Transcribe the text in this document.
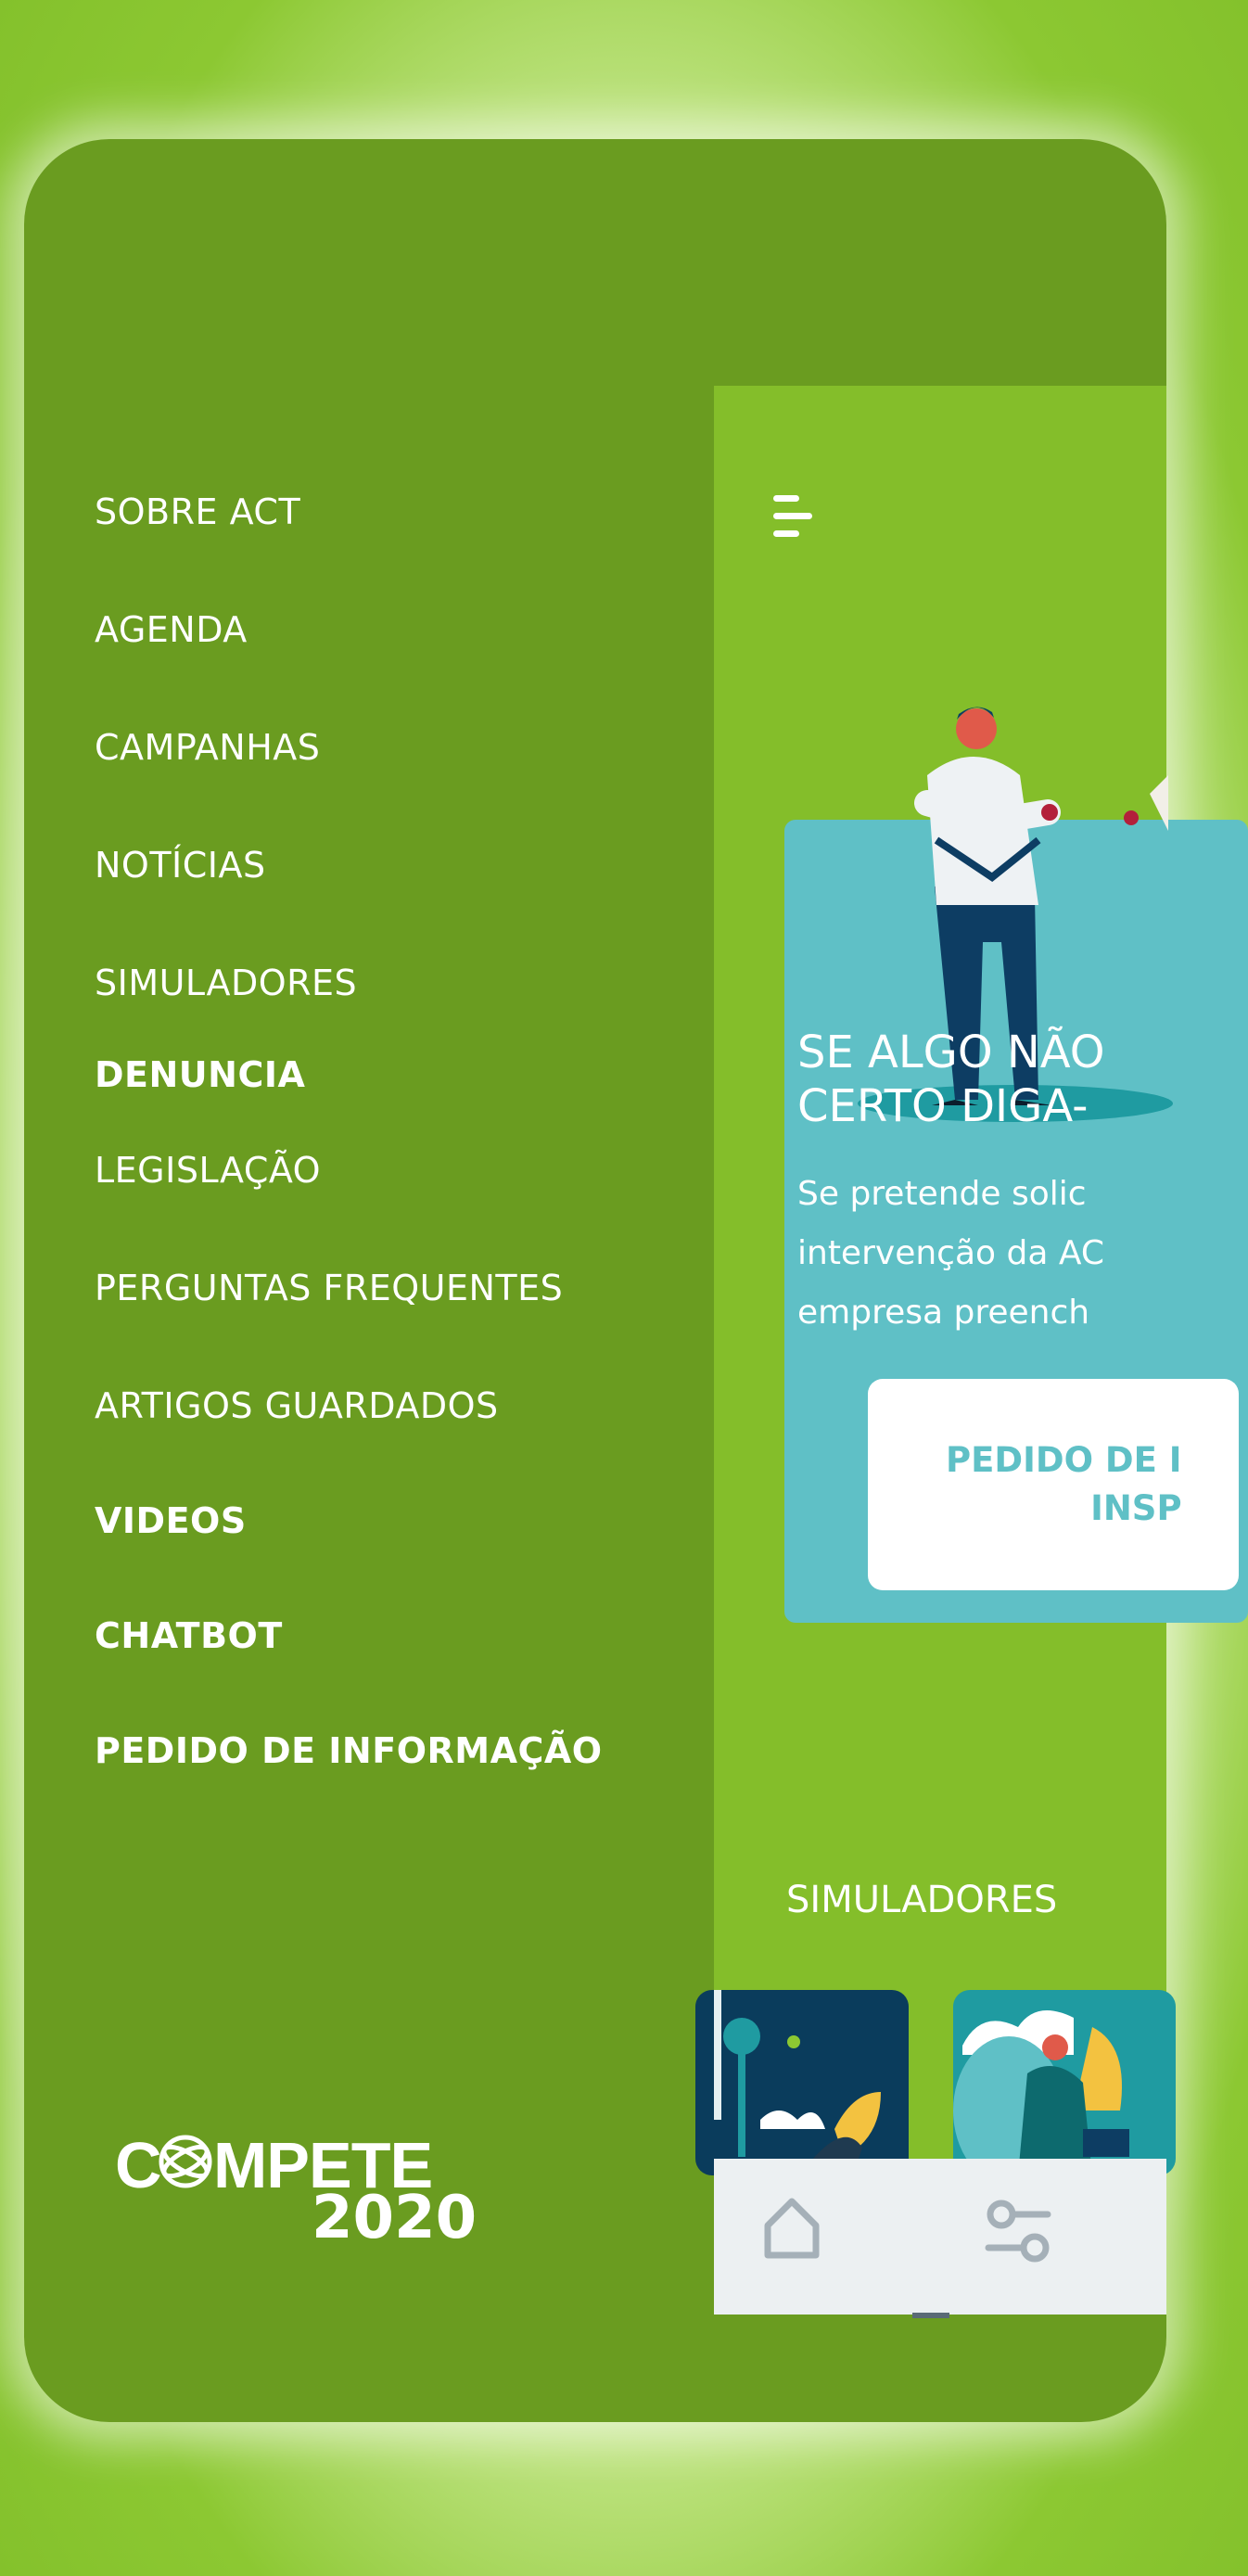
SOBRE ACT
AGENDA
CAMPANHAS
NOTÍCIAS
SIMULADORES
DENUNCIA
LEGISLAÇÃO
PERGUNTAS FREQUENTES
ARTIGOS GUARDADOS
VIDEOS
CHATBOT
PEDIDO DE INFORMAÇÃO
C MPETE
2020
SE ALGO NÃO
CERTO DIGA-
Se pretende solic
intervenção da AC
empresa preench
PEDIDO DE I
INSP
SIMULADORES
